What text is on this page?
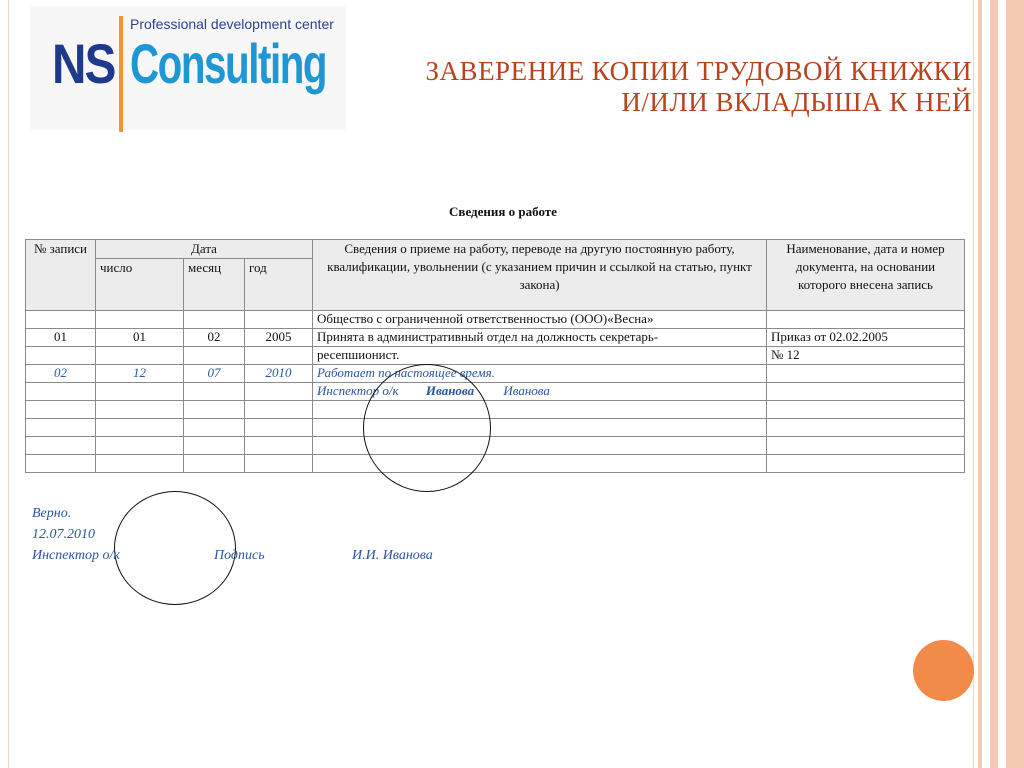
Professional development center
NS Consulting	ЗАВЕРЕНИЕ КОПИИ ТРУДОВОЙ КНИЖКИ
И/ИЛИ ВКЛАДЫША К НЕЙ
Сведения о работе
№ записи	Дата			Сведения о приеме на работу, переводе на другую постоянную работу, квалификации, увольнении (с указанием причин и ссылкой на статью, пункт закона)	Наименование, дата и номер документа, на основании которого внесена запись
	число	месяц	год		
				Общество с ограниченной ответственностью (ООО)«Весна»	
01	01	02	2005	Принята в административный отдел на должность секретарь-	Приказ от 02.02.2005
				ресепшионист.	№ 12
02	12	07	2010	Работает по настоящее время.	
				Инспектор о/к Иванова Иванова	

Верно.
12.07.2010
Инспектор о/к	Подпись	И.И. Иванова
